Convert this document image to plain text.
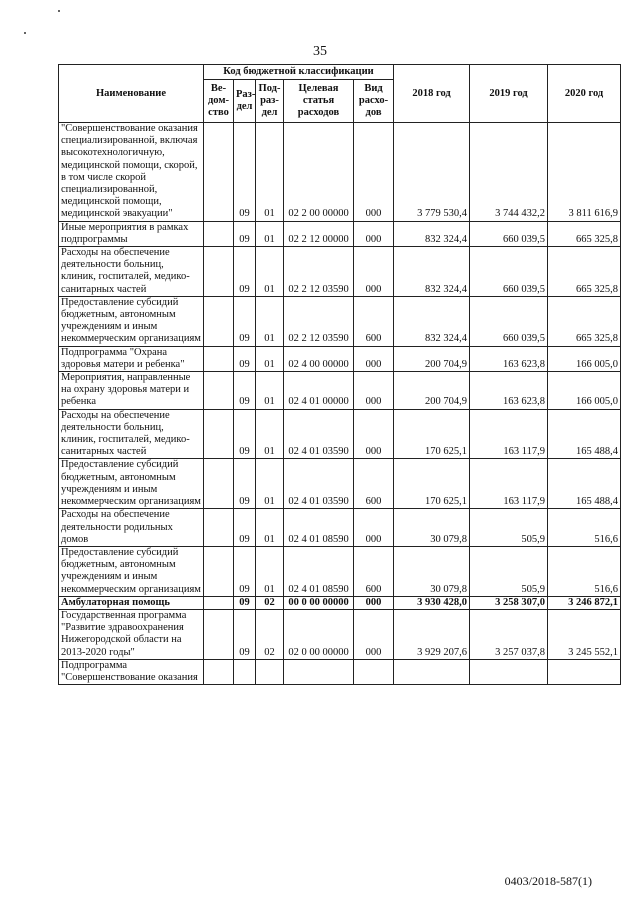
35
Наименование	Код бюджетной классификации					2018 год	2019 год	2020 год
	Ве-дом-ство	Раз-дел	Под-раз-дел	Целевая статья расходов	Вид расхо-дов			
"Совершенствование оказания специализированной, включая высокотехнологичную, медицинской помощи, скорой, в том числе скорой специализированной, медицинской помощи, медицинской эвакуации"		09	01	02 2 00 00000	000	3 779 530,4	3 744 432,2	3 811 616,9
Иные мероприятия в рамках подпрограммы		09	01	02 2 12 00000	000	832 324,4	660 039,5	665 325,8
Расходы на обеспечение деятельности больниц, клиник, госпиталей, медико-санитарных частей		09	01	02 2 12 03590	000	832 324,4	660 039,5	665 325,8
Предоставление субсидий бюджетным, автономным учреждениям и иным некоммерческим организациям		09	01	02 2 12 03590	600	832 324,4	660 039,5	665 325,8
Подпрограмма "Охрана здоровья матери и ребенка"		09	01	02 4 00 00000	000	200 704,9	163 623,8	166 005,0
Мероприятия, направленные на охрану здоровья матери и ребенка		09	01	02 4 01 00000	000	200 704,9	163 623,8	166 005,0
Расходы на обеспечение деятельности больниц, клиник, госпиталей, медико-санитарных частей		09	01	02 4 01 03590	000	170 625,1	163 117,9	165 488,4
Предоставление субсидий бюджетным, автономным учреждениям и иным некоммерческим организациям		09	01	02 4 01 03590	600	170 625,1	163 117,9	165 488,4
Расходы на обеспечение деятельности родильных домов		09	01	02 4 01 08590	000	30 079,8	505,9	516,6
Предоставление субсидий бюджетным, автономным учреждениям и иным некоммерческим организациям		09	01	02 4 01 08590	600	30 079,8	505,9	516,6
Амбулаторная помощь		09	02	00 0 00 00000	000	3 930 428,0	3 258 307,0	3 246 872,1
Государственная программа "Развитие здравоохранения Нижегородской области на 2013-2020 годы"		09	02	02 0 00 00000	000	3 929 207,6	3 257 037,8	3 245 552,1
Подпрограмма "Совершенствование оказания								
0403/2018-587(1)
